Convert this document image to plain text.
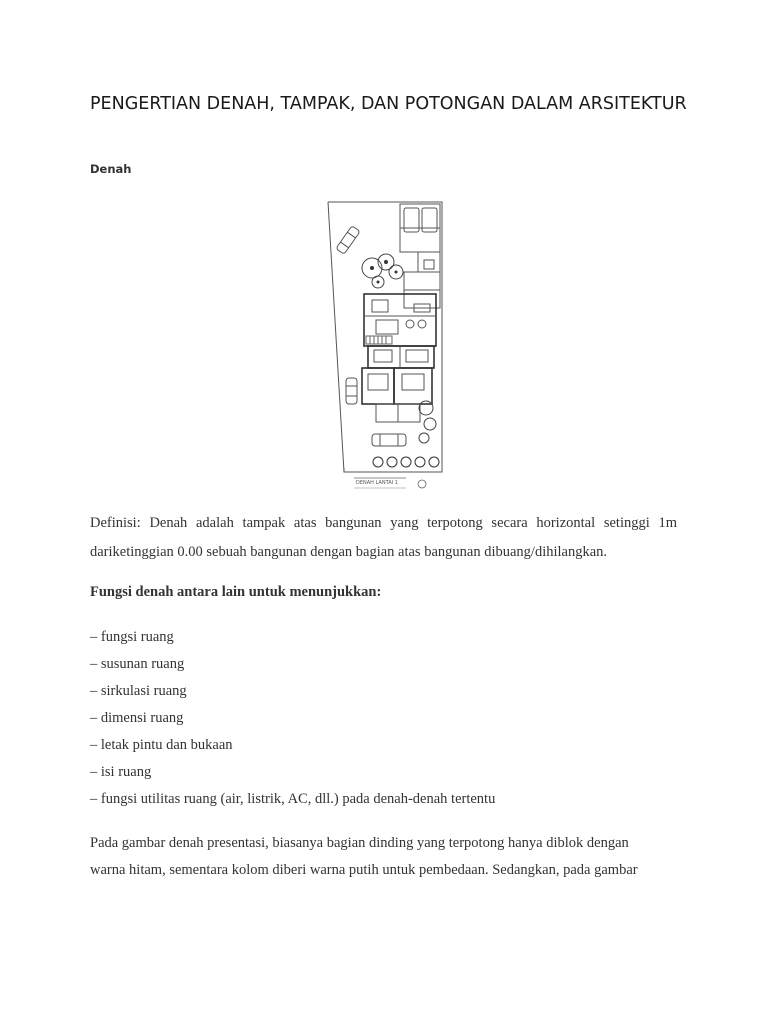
PENGERTIAN DENAH, TAMPAK, DAN POTONGAN DALAM ARSITEKTUR
Denah
DENAH LANTAI 1

Definisi: Denah adalah tampak atas bangunan yang terpotong secara horizontal setinggi 1m dariketinggian 0.00 sebuah bangunan dengan bagian atas bangunan dibuang/dihilangkan.

Fungsi denah antara lain untuk menunjukkan:

– fungsi ruang
– susunan ruang
– sirkulasi ruang
– dimensi ruang
– letak pintu dan bukaan
– isi ruang
– fungsi utilitas ruang (air, listrik, AC, dll.) pada denah-denah tertentu
Pada gambar denah presentasi, biasanya bagian dinding yang terpotong hanya diblok dengan
warna hitam, sementara kolom diberi warna putih untuk pembedaan. Sedangkan, pada gambar
